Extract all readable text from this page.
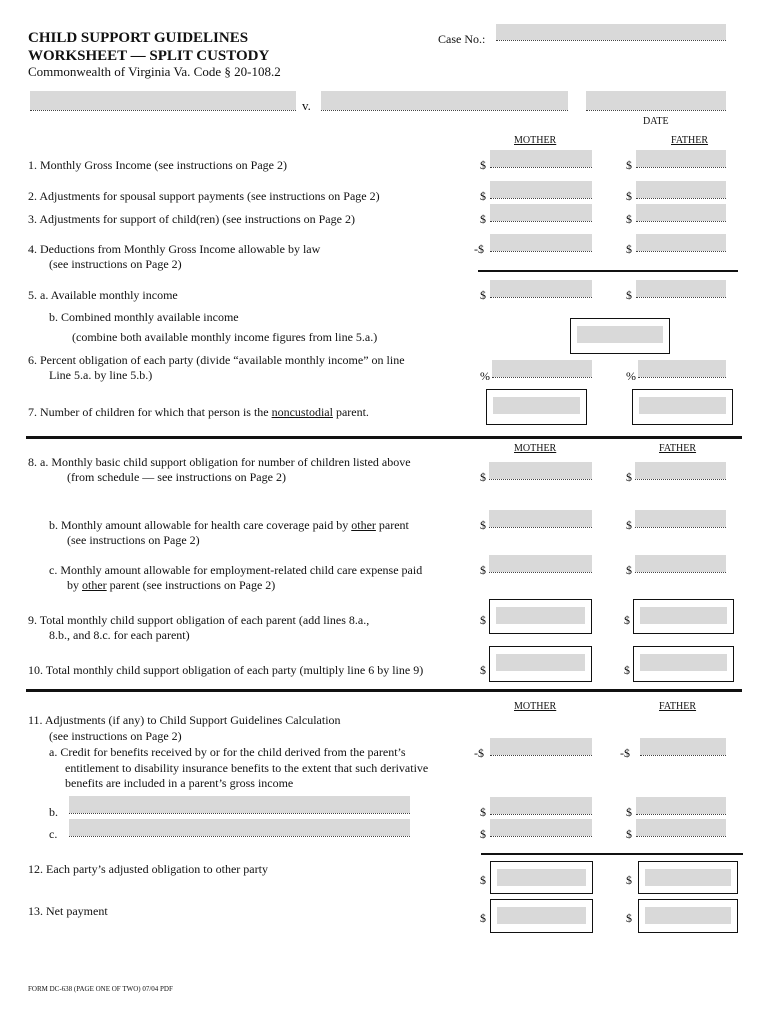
CHILD SUPPORT GUIDELINES
WORKSHEET — SPLIT CUSTODY
Commonwealth of Virginia Va. Code § 20-108.2
Case No.:
v.
DATE
MOTHER	FATHER
1. Monthly Gross Income (see instructions on Page 2)	$	$
2. Adjustments for spousal support payments (see instructions on Page 2)	$	$
3. Adjustments for support of child(ren) (see instructions on Page 2)	$	$
4. Deductions from Monthly Gross Income allowable by law
(see instructions on Page 2)
-$	$
5. a. Available monthly income	$	$
b. Combined monthly available income
(combine both available monthly income figures from line 5.a.)
6. Percent obligation of each party (divide “available monthly income” on line
Line 5.a. by line 5.b.)	%	%
7. Number of children for which that person is the noncustodial parent.
MOTHER	FATHER
8. a. Monthly basic child support obligation for number of children listed above
(from schedule — see instructions on Page 2)	$	$
b. Monthly amount allowable for health care coverage paid by other parent
(see instructions on Page 2)
$	$
c. Monthly amount allowable for employment-related child care expense paid
by other parent (see instructions on Page 2)
$	$
9. Total monthly child support obligation of each parent (add lines 8.a.,
8.b., and 8.c. for each parent)
$	$
10. Total monthly child support obligation of each party (multiply line 6 by line 9)	$	$
MOTHER	FATHER
11. Adjustments (if any) to Child Support Guidelines Calculation
(see instructions on Page 2)
a. Credit for benefits received by or for the child derived from the parent’s
entitlement to disability insurance benefits to the extent that such derivative
benefits are included in a parent’s gross income
-$	-$
b.	$	$
c.	$	$
12. Each party’s adjusted obligation to other party
$	$
13. Net payment	$	$
FORM DC-638 (PAGE ONE OF TWO) 07/04 PDF
